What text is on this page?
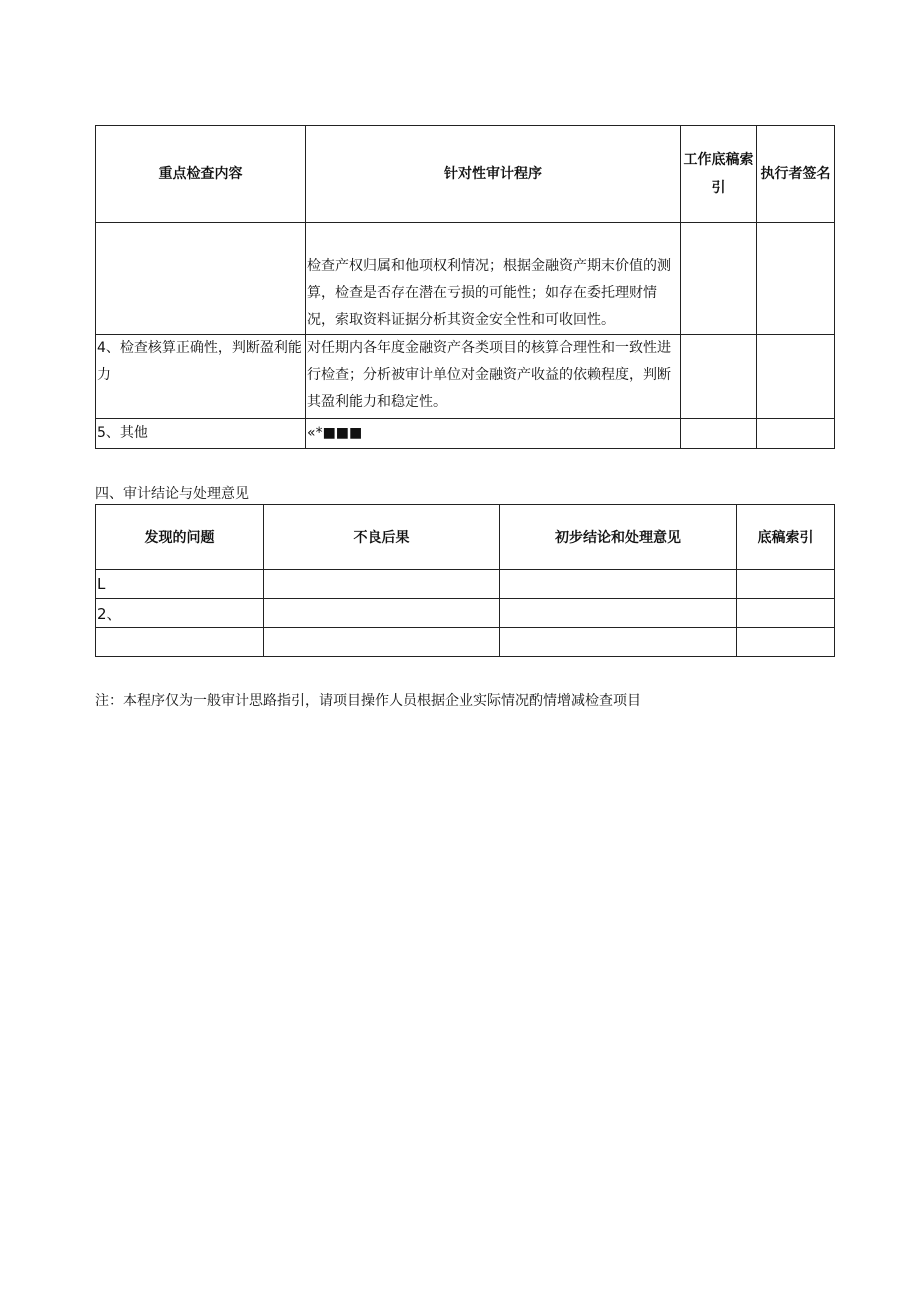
重点检查内容	针对性审计程序	工作底稿索引	执行者签名
	检查产权归属和他项权利情况；根据金融资产期末价值的测算，检查是否存在潜在亏损的可能性；如存在委托理财情况，索取资料证据分析其资金安全性和可收回性。		
4、检查核算正确性，判断盈利能力	对任期内各年度金融资产各类项目的核算合理性和一致性进行检查；分析被审计单位对金融资产收益的依赖程度，判断其盈利能力和稳定性。		
5、其他	«*■■■		
四、审计结论与处理意见
发现的问题	不良后果	初步结论和处理意见	底稿索引
L			
2、			

注：本程序仅为一般审计思路指引，请项目操作人员根据企业实际情况酌情增减检查项目
